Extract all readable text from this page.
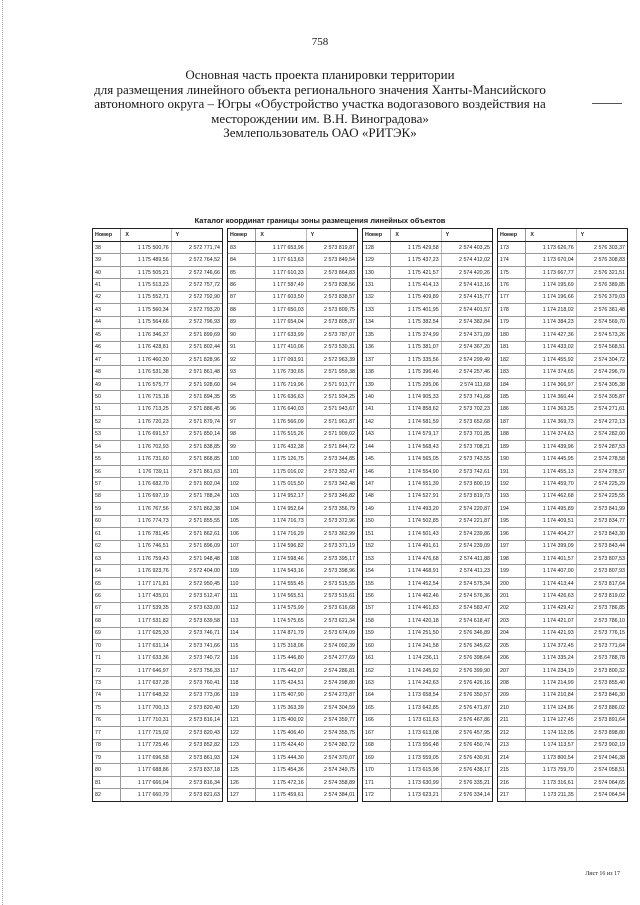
758
Основная часть проекта планировки территории
для размещения линейного объекта регионального значения Ханты-Мансийского
автономного округа – Югры «Обустройство участка водогазового воздействия на
месторождении им. В.Н. Виноградова»
Землепользователь ОАО «РИТЭК»
Каталог координат границы зоны размещения линейных объектов
Номер	X	Y
38	1 175 500,76	2 572 771,74
39	1 175 489,56	2 572 764,52
40	1 175 505,21	2 572 746,66
41	1 175 513,23	2 572 757,72
42	1 175 552,71	2 572 792,90
43	1 175 560,34	2 572 793,20
44	1 175 564,66	2 572 796,93
45	1 176 346,37	2 571 899,69
46	1 176 428,81	2 571 802,44
47	1 176 460,30	2 571 828,96
48	1 176 531,38	2 571 861,48
49	1 176 575,77	2 571 928,60
50	1 176 715,18	2 571 894,35
51	1 176 713,25	2 571 886,45
52	1 176 720,23	2 571 879,74
53	1 176 691,57	2 571 850,14
54	1 176 702,93	2 571 838,85
55	1 176 731,60	2 571 868,85
56	1 176 739,11	2 571 861,63
57	1 176 682,70	2 571 802,04
58	1 176 697,19	2 571 788,24
59	1 176 767,56	2 571 862,38
60	1 176 774,73	2 571 855,55
61	1 176 781,45	2 571 862,61
62	1 176 746,51	2 571 896,09
63	1 176 759,43	2 571 948,48
64	1 176 923,76	2 572 404,00
65	1 177 171,81	2 572 950,45
66	1 177 435,01	2 573 512,47
67	1 177 539,35	2 573 633,00
68	1 177 531,82	2 573 639,58
69	1 177 625,33	2 573 746,71
70	1 177 631,14	2 573 741,66
71	1 177 633,36	2 573 740,72
72	1 177 646,97	2 573 756,33
73	1 177 637,28	2 573 760,41
74	1 177 648,32	2 573 773,06
75	1 177 700,13	2 573 820,40
76	1 177 710,31	2 573 816,14
77	1 177 715,02	2 573 820,43
78	1 177 725,46	2 573 852,82
79	1 177 696,58	2 573 861,93
80	1 177 688,86	2 573 837,18
81	1 177 666,04	2 573 816,34
82	1 177 660,79	2 573 821,63
Номер	X	Y
83	1 177 653,96	2 573 819,87
84	1 177 613,63	2 573 849,54
85	1 177 610,33	2 573 864,83
86	1 177 587,49	2 573 838,56
87	1 177 603,50	2 573 838,57
88	1 177 650,03	2 573 809,75
89	1 177 654,04	2 573 805,37
90	1 177 633,99	2 573 787,07
91	1 177 410,06	2 573 530,31
92	1 177 093,91	2 572 963,39
93	1 176 730,65	2 571 959,38
94	1 176 719,96	2 571 913,77
95	1 176 636,63	2 571 934,25
96	1 176 640,03	2 571 943,67
97	1 176 566,09	2 571 961,87
98	1 176 515,26	2 571 909,02
99	1 176 432,38	2 571 844,72
100	1 175 126,75	2 573 344,85
101	1 175 016,02	2 573 352,47
102	1 175 015,50	2 573 342,48
103	1 174 952,17	2 573 346,82
104	1 174 952,64	2 573 356,79
105	1 174 716,73	2 573 372,96
106	1 174 716,29	2 573 362,99
107	1 174 596,82	2 573 371,19
108	1 174 598,46	2 573 395,17
109	1 174 543,16	2 573 398,96
110	1 174 555,45	2 573 515,55
111	1 174 565,51	2 573 515,61
112	1 174 575,99	2 573 616,68
113	1 174 575,65	2 573 621,34
114	1 174 871,79	2 573 674,09
115	1 175 318,06	2 574 092,39
116	1 175 446,80	2 574 277,69
117	1 175 442,07	2 574 286,81
118	1 175 424,51	2 574 298,80
119	1 175 407,90	2 574 273,87
120	1 175 363,39	2 574 304,59
121	1 175 400,02	2 574 359,77
122	1 175 406,40	2 574 355,75
123	1 175 424,40	2 574 382,72
124	1 175 444,30	2 574 370,07
125	1 175 454,36	2 574 349,75
126	1 175 472,16	2 574 358,89
127	1 175 459,61	2 574 384,01
Номер	X	Y
128	1 175 429,58	2 574 403,25
129	1 175 437,23	2 574 412,02
130	1 175 421,57	2 574 420,26
131	1 175 414,13	2 574 413,16
132	1 175 409,89	2 574 415,77
133	1 175 401,95	2 574 401,57
134	1 175 382,54	2 574 382,84
135	1 175 374,99	2 574 371,09
136	1 175 381,07	2 574 367,20
137	1 175 335,56	2 574 299,49
138	1 175 396,46	2 574 257,46
139	1 175 295,06	2 574 111,68
140	1 174 905,33	2 573 741,68
141	1 174 858,62	2 573 702,23
142	1 174 581,59	2 573 652,68
143	1 174 579,17	2 573 701,85
144	1 174 568,43	2 573 708,21
145	1 174 565,05	2 573 743,55
146	1 174 554,90	2 573 742,61
147	1 174 551,39	2 573 800,19
148	1 174 527,91	2 573 819,73
149	1 174 493,20	2 574 220,87
150	1 174 502,85	2 574 221,87
151	1 174 501,43	2 574 239,86
152	1 174 491,61	2 574 239,09
153	1 174 476,68	2 574 411,88
154	1 174 468,91	2 574 411,23
155	1 174 452,54	2 574 575,34
156	1 174 462,46	2 574 576,36
157	1 174 461,83	2 574 583,47
158	1 174 420,18	2 574 618,47
159	1 174 251,50	2 576 346,89
160	1 174 241,58	2 576 345,62
161	1 174 236,11	2 576 398,64
162	1 174 245,92	2 576 399,90
163	1 174 242,63	2 576 426,16
164	1 173 658,54	2 576 350,57
165	1 173 642,85	2 576 471,87
166	1 173 611,63	2 576 467,86
167	1 173 613,08	2 576 457,95
168	1 173 556,48	2 576 450,74
169	1 173 559,05	2 576 430,91
170	1 173 615,98	2 576 438,17
171	1 173 630,99	2 576 335,21
172	1 173 623,21	2 576 334,14
Номер	X	Y
173	1 173 626,76	2 576 303,37
174	1 173 670,04	2 576 308,83
175	1 173 667,77	2 576 321,51
176	1 174 195,69	2 576 389,85
177	1 174 196,66	2 576 379,03
178	1 174 218,02	2 576 381,48
179	1 174 384,23	2 574 569,70
180	1 174 427,36	2 574 573,26
181	1 174 433,02	2 574 568,51
182	1 174 455,92	2 574 304,72
183	1 174 374,65	2 574 296,79
184	1 174 366,97	2 574 305,38
185	1 174 360,44	2 574 305,87
186	1 174 363,25	2 574 271,61
187	1 174 369,73	2 574 272,13
188	1 174 374,63	2 574 282,00
189	1 174 439,96	2 574 287,53
190	1 174 445,95	2 574 278,58
191	1 174 455,13	2 574 278,57
192	1 174 459,70	2 574 225,29
193	1 174 462,68	2 574 225,55
194	1 174 495,89	2 573 841,99
195	1 174 409,51	2 573 834,77
196	1 174 404,27	2 573 843,30
197	1 174 399,09	2 573 843,44
198	1 174 401,57	2 573 807,53
199	1 174 407,00	2 573 807,93
200	1 174 413,44	2 573 817,64
201	1 174 426,63	2 573 819,02
202	1 174 429,42	2 573 786,85
203	1 174 421,07	2 573 786,10
204	1 174 421,93	2 573 776,15
205	1 174 372,45	2 573 771,64
206	1 174 335,24	2 573 788,78
207	1 174 234,19	2 573 800,32
208	1 174 214,99	2 573 855,40
209	1 174 210,84	2 573 846,30
210	1 174 124,86	2 573 886,02
211	1 174 127,45	2 573 891,64
212	1 174 112,05	2 573 898,80
213	1 174 113,57	2 573 902,19
214	1 173 800,54	2 574 046,38
215	1 173 759,70	2 574 058,51
216	1 173 316,61	2 574 064,65
217	1 173 211,35	2 574 064,54
Лист 16 из 17
